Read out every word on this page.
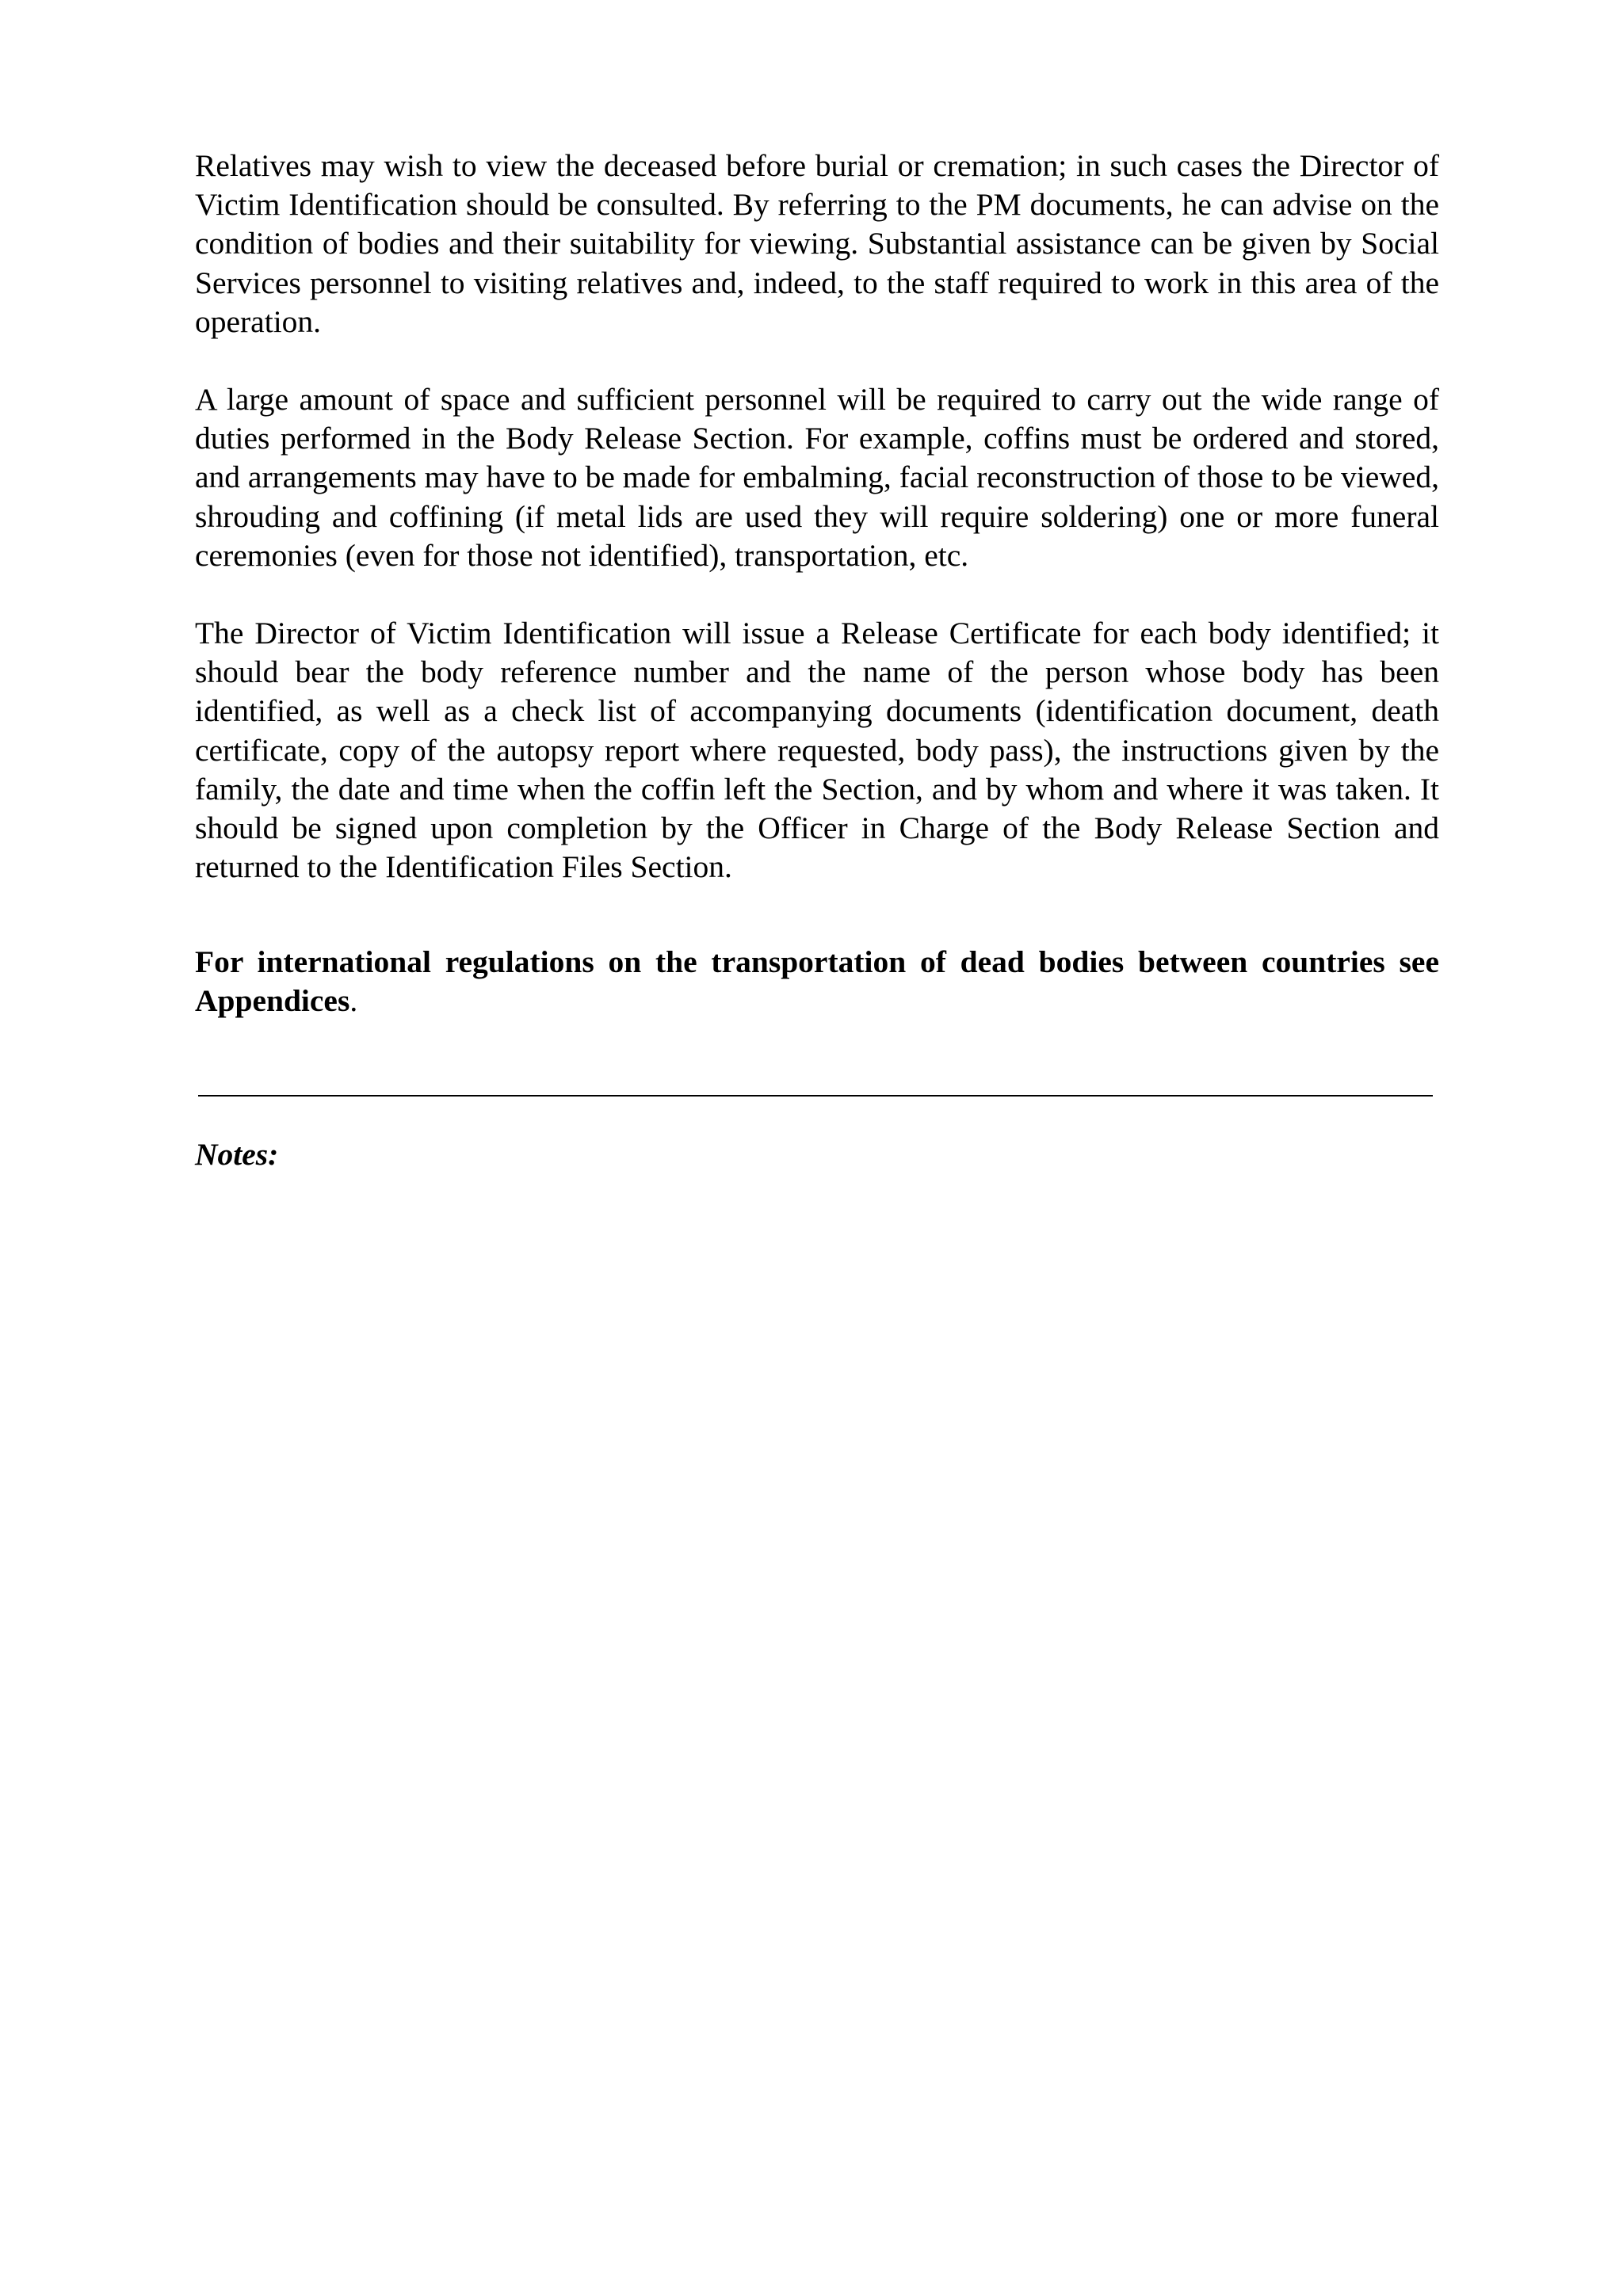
Relatives may wish to view the deceased before burial or cremation; in such cases the Director of Victim Identification should be consulted. By referring to the PM documents, he can advise on the condition of bodies and their suitability for viewing. Substantial assistance can be given by Social Services personnel to visiting relatives and, indeed, to the staff required to work in this area of the operation.

A large amount of space and sufficient personnel will be required to carry out the wide range of duties performed in the Body Release Section. For example, coffins must be ordered and stored, and arrangements may have to be made for embalming, facial reconstruction of those to be viewed, shrouding and coffining (if metal lids are used they will require soldering) one or more funeral ceremonies (even for those not identified), transportation, etc.

The Director of Victim Identification will issue a Release Certificate for each body identified; it should bear the body reference number and the name of the person whose body has been identified, as well as a check list of accompanying documents (identification document, death certificate, copy of the autopsy report where requested, body pass), the instructions given by the family, the date and time when the coffin left the Section, and by whom and where it was taken. It should be signed upon completion by the Officer in Charge of the Body Release Section and returned to the Identification Files Section.

For international regulations on the transportation of dead bodies between countries see Appendices.

Notes:
